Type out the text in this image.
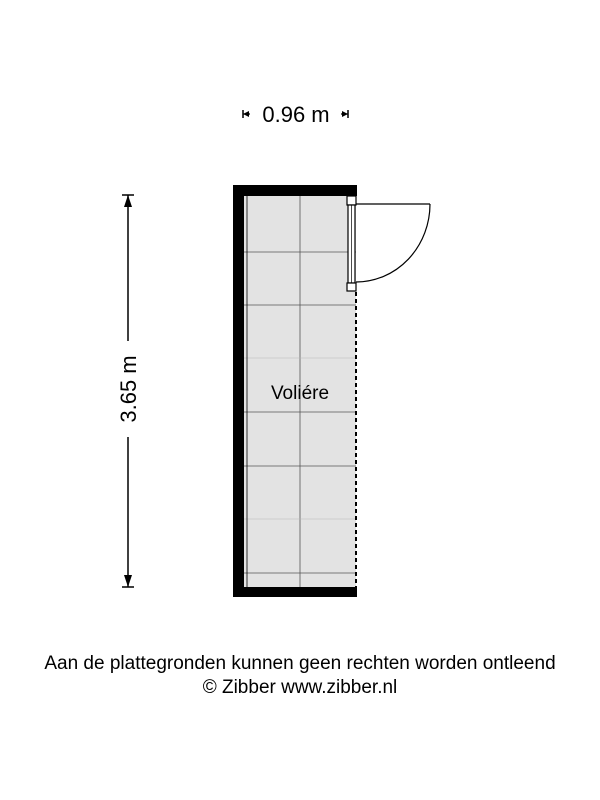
0.96 m
3.65 m	Voliére
Aan de plattegronden kunnen geen rechten worden ontleend
© Zibber www.zibber.nl
